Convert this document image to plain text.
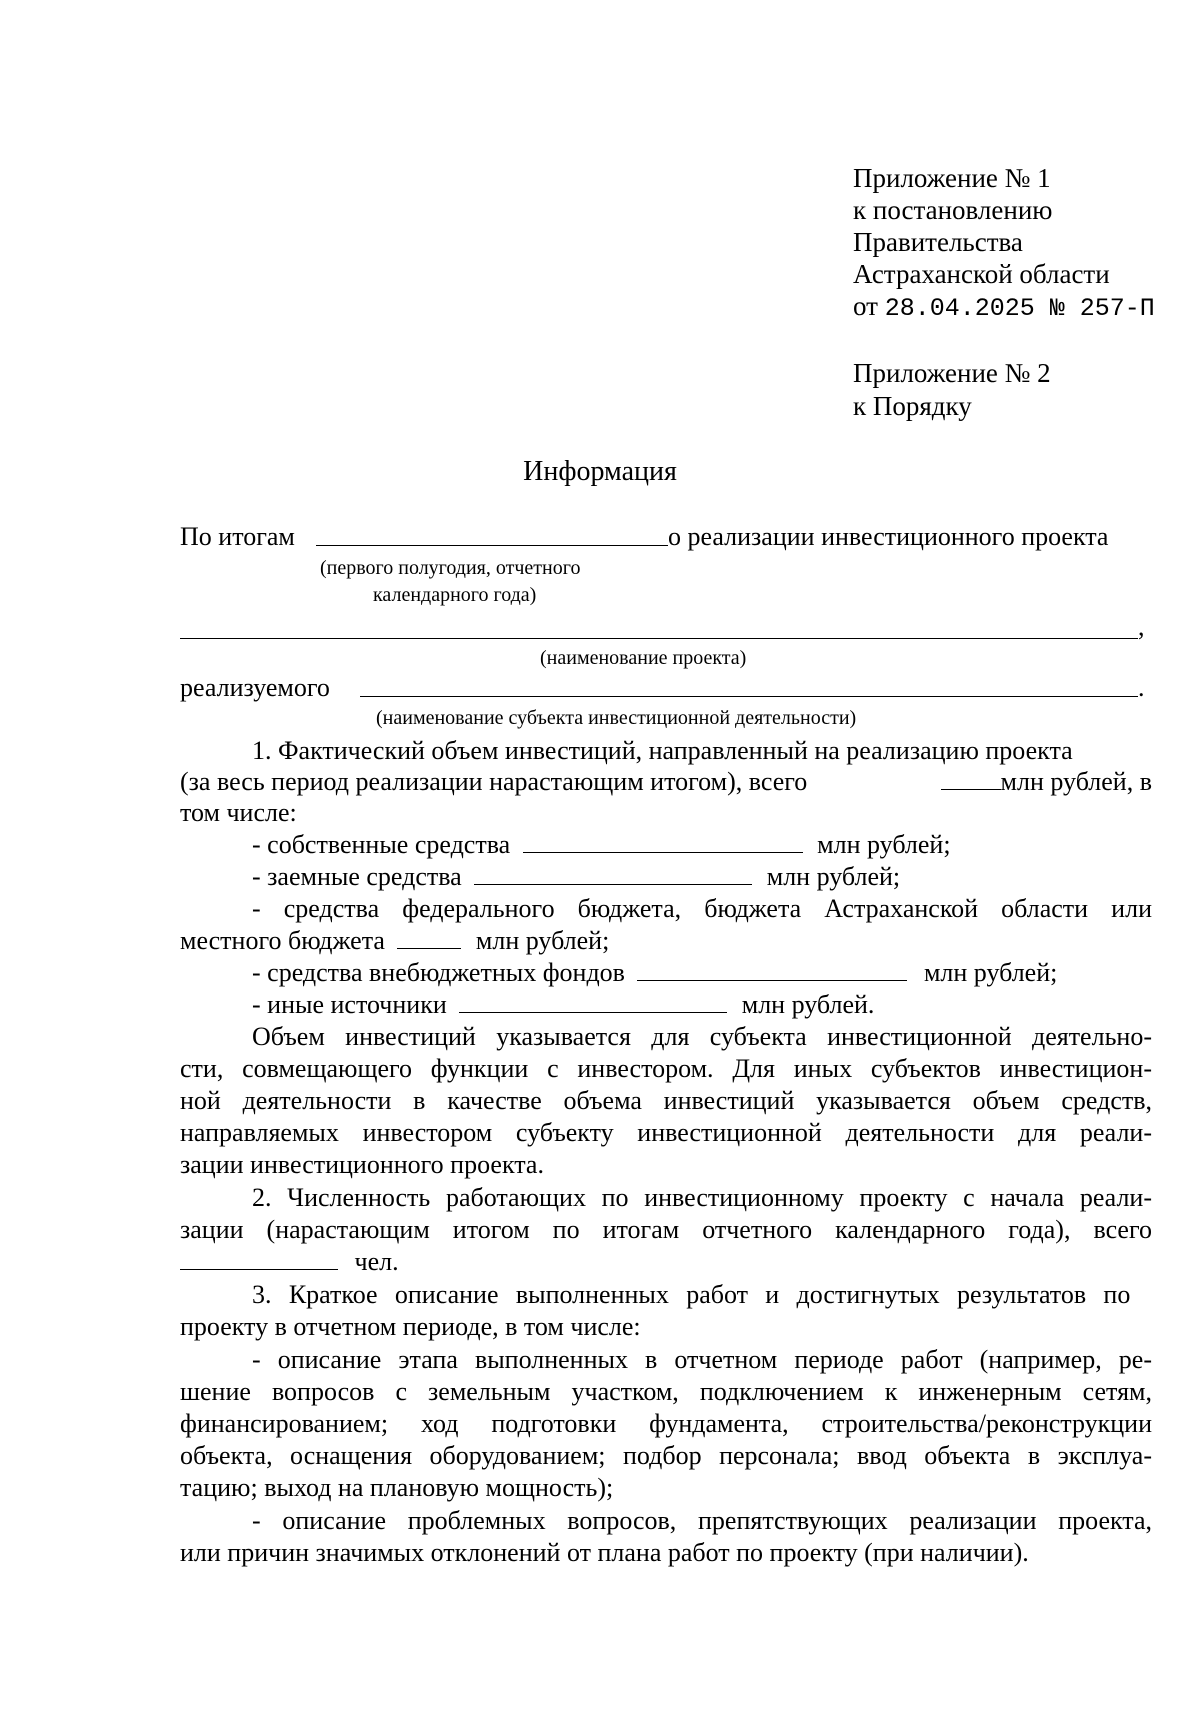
Приложение № 1
к постановлению
Правительства
Астраханской области
от 28.04.2025 № 257-П
Приложение № 2
к Порядку
Информация
По итогам	о реализации инвестиционного проекта
(первого полугодия, отчетного
календарного года)
,
(наименование проекта)
реализуемого	.
(наименование субъекта инвестиционной деятельности)
1. Фактический объем инвестиций, направленный на реализацию проекта
(за весь период реализации нарастающим итогом), всего	млн рублей, в
том числе:
- собственные средства	млн рублей;
- заемные средства	млн рублей;
- средства федерального бюджета, бюджета Астраханской области или
местного бюджета	млн рублей;
- средства внебюджетных фондов	млн рублей;
- иные источники	млн рублей.
Объем инвестиций указывается для субъекта инвестиционной деятельно-
сти, совмещающего функции с инвестором. Для иных субъектов инвестицион-
ной деятельности в качестве объема инвестиций указывается объем средств,
направляемых инвестором субъекту инвестиционной деятельности для реали-
зации инвестиционного проекта.
2. Численность работающих по инвестиционному проекту с начала реали-
зации (нарастающим итогом по итогам отчетного календарного года), всего
чел.
3. Краткое описание выполненных работ и достигнутых результатов по
проекту в отчетном периоде, в том числе:
- описание этапа выполненных в отчетном периоде работ (например, ре-
шение вопросов с земельным участком, подключением к инженерным сетям,
финансированием; ход подготовки фундамента, строительства/реконструкции
объекта, оснащения оборудованием; подбор персонала; ввод объекта в эксплуа-
тацию; выход на плановую мощность);
- описание проблемных вопросов, препятствующих реализации проекта,
или причин значимых отклонений от плана работ по проекту (при наличии).
